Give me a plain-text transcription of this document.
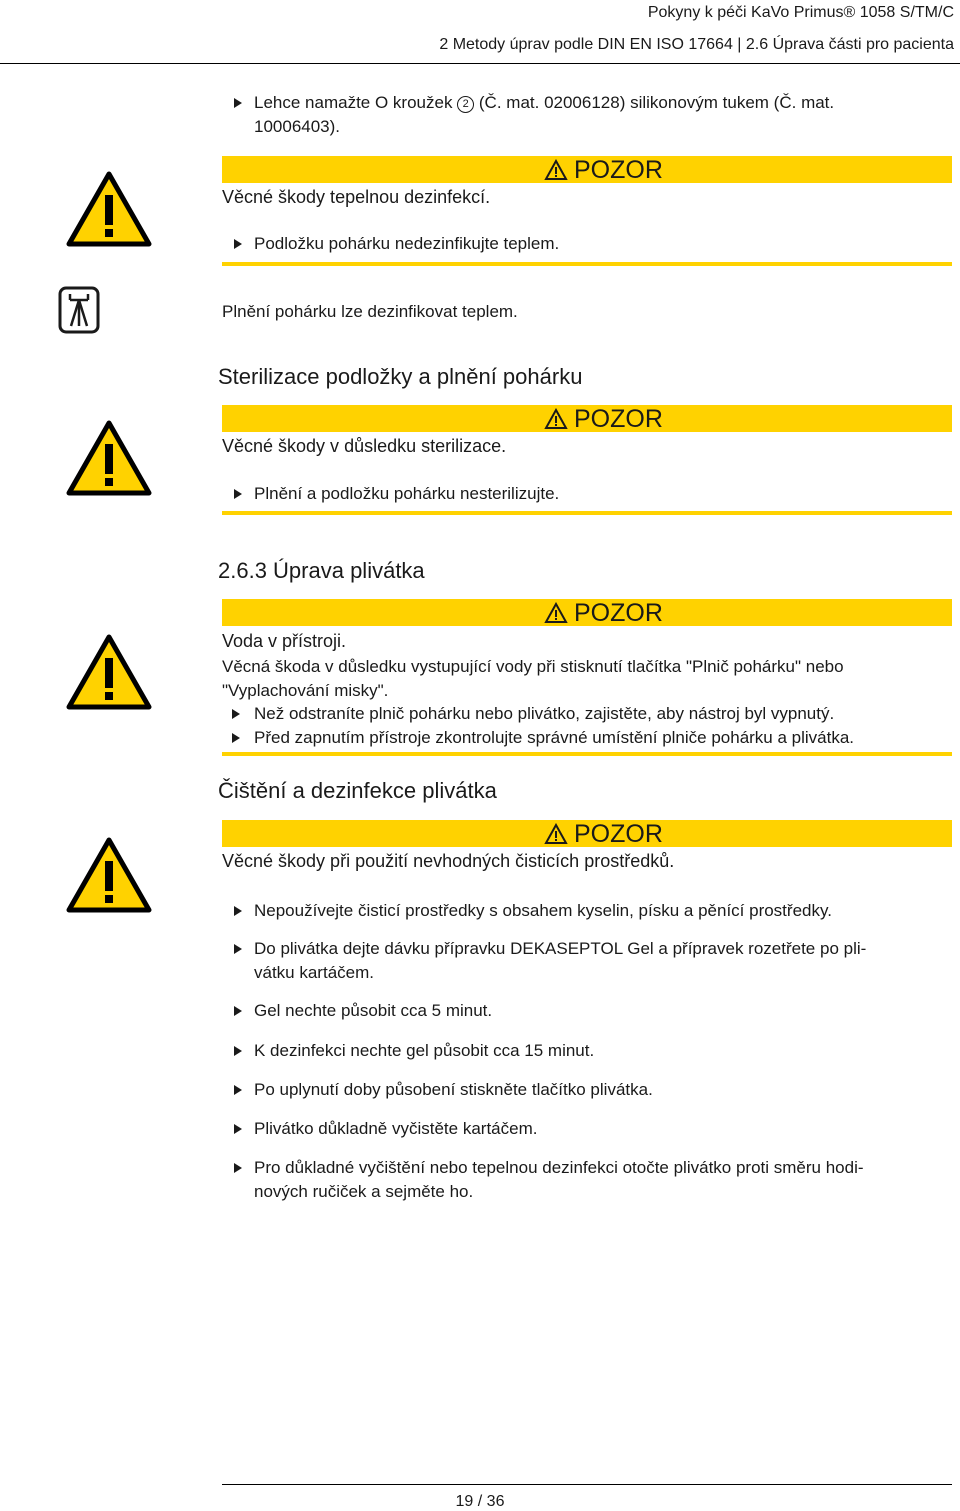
Pokyny k péči KaVo Primus® 1058 S/TM/C
2 Metody úprav podle DIN EN ISO 17664 | 2.6 Úprava části pro pacienta
Lehce namažte O kroužek 2 (Č. mat. 02006128) silikonovým tukem (Č. mat.
10006403).
POZOR
Věcné škody tepelnou dezinfekcí.
Podložku pohárku nedezinfikujte teplem.
Plnění pohárku lze dezinfikovat teplem.
Sterilizace podložky a plnění pohárku
POZOR
Věcné škody v důsledku sterilizace.
Plnění a podložku pohárku nesterilizujte.
2.6.3 Úprava plivátka
POZOR
Voda v přístroji.
Věcná škoda v důsledku vystupující vody při stisknutí tlačítka "Plnič pohárku" nebo
"Vyplachování misky".
Než odstraníte plnič pohárku nebo plivátko, zajistěte, aby nástroj byl vypnutý.
Před zapnutím přístroje zkontrolujte správné umístění plniče pohárku a plivátka.
Čištění a dezinfekce plivátka
POZOR
Věcné škody při použití nevhodných čisticích prostředků.
Nepoužívejte čisticí prostředky s obsahem kyselin, písku a pěnící prostředky.
Do plivátka dejte dávku přípravku DEKASEPTOL Gel a přípravek rozetřete po pli-
vátku kartáčem.
Gel nechte působit cca 5 minut.
K dezinfekci nechte gel působit cca 15 minut.
Po uplynutí doby působení stiskněte tlačítko plivátka.
Plivátko důkladně vyčistěte kartáčem.
Pro důkladné vyčištění nebo tepelnou dezinfekci otočte plivátko proti směru hodi-
nových ručiček a sejměte ho.
19 / 36
